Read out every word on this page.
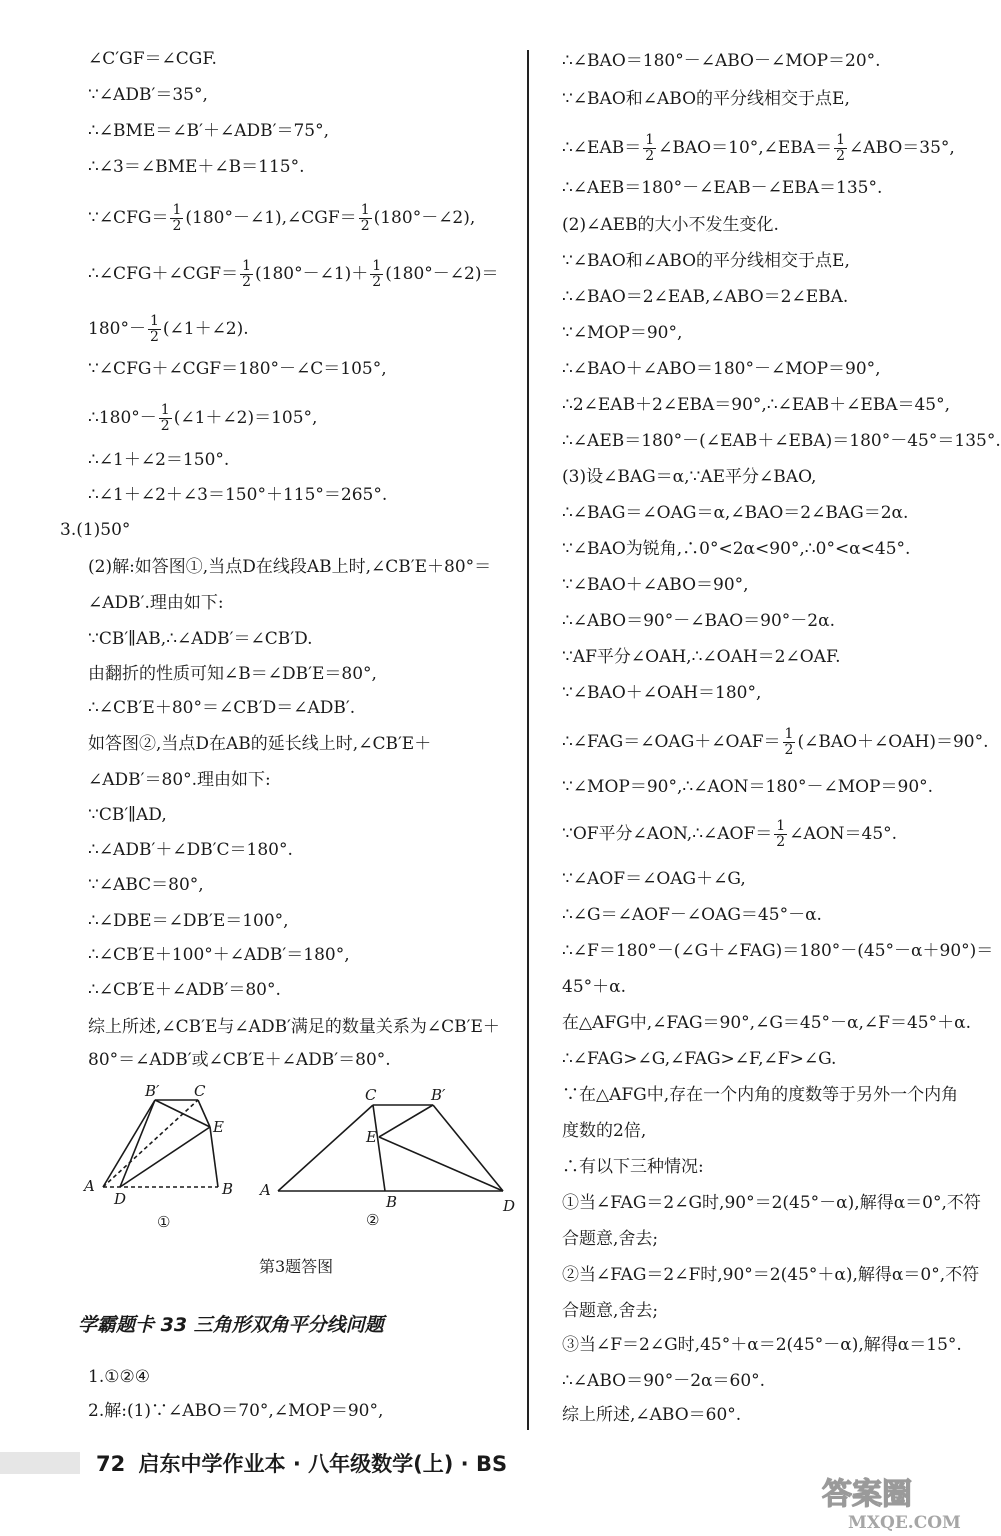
∠C′GF＝∠CGF.
∵∠ADB′＝35°,
∴∠BME＝∠B′＋∠ADB′＝75°,
∴∠3＝∠BME＋∠B＝115°.
∵∠CFG＝ $\frac{1}{2}$ (180°－∠1),∠CGF＝ $\frac{1}{2}$ (180°－∠2),
∴∠CFG＋∠CGF＝ $\frac{1}{2}$ (180°－∠1)＋ $\frac{1}{2}$ (180°－∠2)＝
$180^\circ- \frac{1}{2}$ (∠1＋∠2).
∵∠CFG＋∠CGF＝180°－∠C＝105°,
∴180°－ $\frac{1}{2}$ (∠1＋∠2)＝105°,
∴∠1＋∠2＝150°.
∴∠1＋∠2＋∠3＝150°＋115°＝265°.
3.(1)50°
(2)解:如答图①,当点D在线段AB上时,∠CB′E＋80°＝
∠ADB′.理由如下:
∵CB′∥AB,∴∠ADB′＝∠CB′D.
由翻折的性质可知∠B＝∠DB′E＝80°,
∴∠CB′E＋80°＝∠CB′D＝∠ADB′.
如答图②,当点D在AB的延长线上时,∠CB′E＋
∠ADB′＝80°.理由如下:
∵CB′∥AD,
∴∠ADB′＋∠DB′C＝180°.
∵∠ABC＝80°,
∴∠DBE＝∠DB′E＝100°,
∴∠CB′E＋100°＋∠ADB′＝180°,
∴∠CB′E＋∠ADB′＝80°.
综上所述,∠CB′E与∠ADB′满足的数量关系为∠CB′E＋
80°＝∠ADB′或∠CB′E＋∠ADB′＝80°.
A
D
B
B′ C
E
①
A
B	D
C	B′
E
②
第3题答图
学霸题卡 33 三角形双角平分线问题
1.①②④
2.解:(1)∵∠ABO＝70°,∠MOP＝90°,
∴∠BAO＝180°－∠ABO－∠MOP＝20°.
∵∠BAO和∠ABO的平分线相交于点E,
∴∠EAB＝ $\frac{1}{2}$ ∠BAO＝10°,∠EBA＝ $\frac{1}{2}$ ∠ABO＝35°,
∴∠AEB＝180°－∠EAB－∠EBA＝135°.
(2)∠AEB的大小不发生变化.
∵∠BAO和∠ABO的平分线相交于点E,
∴∠BAO＝2∠EAB,∠ABO＝2∠EBA.
∵∠MOP＝90°,
∴∠BAO＋∠ABO＝180°－∠MOP＝90°,
∴2∠EAB＋2∠EBA＝90°,∴∠EAB＋∠EBA＝45°,
∴∠AEB＝180°－(∠EAB＋∠EBA)＝180°－45°＝135°.
(3)设∠BAG＝α,∵AE平分∠BAO,
∴∠BAG＝∠OAG＝α,∠BAO＝2∠BAG＝2α.
∵∠BAO为锐角,∴0°<2α<90°,∴0°<α<45°.
∵∠BAO＋∠ABO＝90°,
∴∠ABO＝90°－∠BAO＝90°－2α.
∵AF平分∠OAH,∴∠OAH＝2∠OAF.
∵∠BAO＋∠OAH＝180°,
∴∠FAG＝∠OAG＋∠OAF＝ $\frac{1}{2}$ (∠BAO＋∠OAH)＝90°.
∵∠MOP＝90°,∴∠AON＝180°－∠MOP＝90°.
∵OF平分∠AON,∴∠AOF＝ $\frac{1}{2}$ ∠AON＝45°.
∵∠AOF＝∠OAG＋∠G,
∴∠G＝∠AOF－∠OAG＝45°－α.
∴∠F＝180°－(∠G＋∠FAG)＝180°－(45°－α＋90°)＝
45°＋α.
在△AFG中,∠FAG＝90°,∠G＝45°－α,∠F＝45°＋α.
∴∠FAG>∠G,∠FAG>∠F,∠F>∠G.
∵在△AFG中,存在一个内角的度数等于另外一个内角
度数的2倍,
∴有以下三种情况:
①当∠FAG＝2∠G时,90°＝2(45°－α),解得α＝0°,不符
合题意,舍去;
②当∠FAG＝2∠F时,90°＝2(45°＋α),解得α＝0°,不符
合题意,舍去;
③当∠F＝2∠G时,45°＋α＝2(45°－α),解得α＝15°.
∴∠ABO＝90°－2α＝60°.
综上所述,∠ABO＝60°.
72 启东中学作业本 · 八年级数学(上) · BS
答案圈
MXQE.COM
